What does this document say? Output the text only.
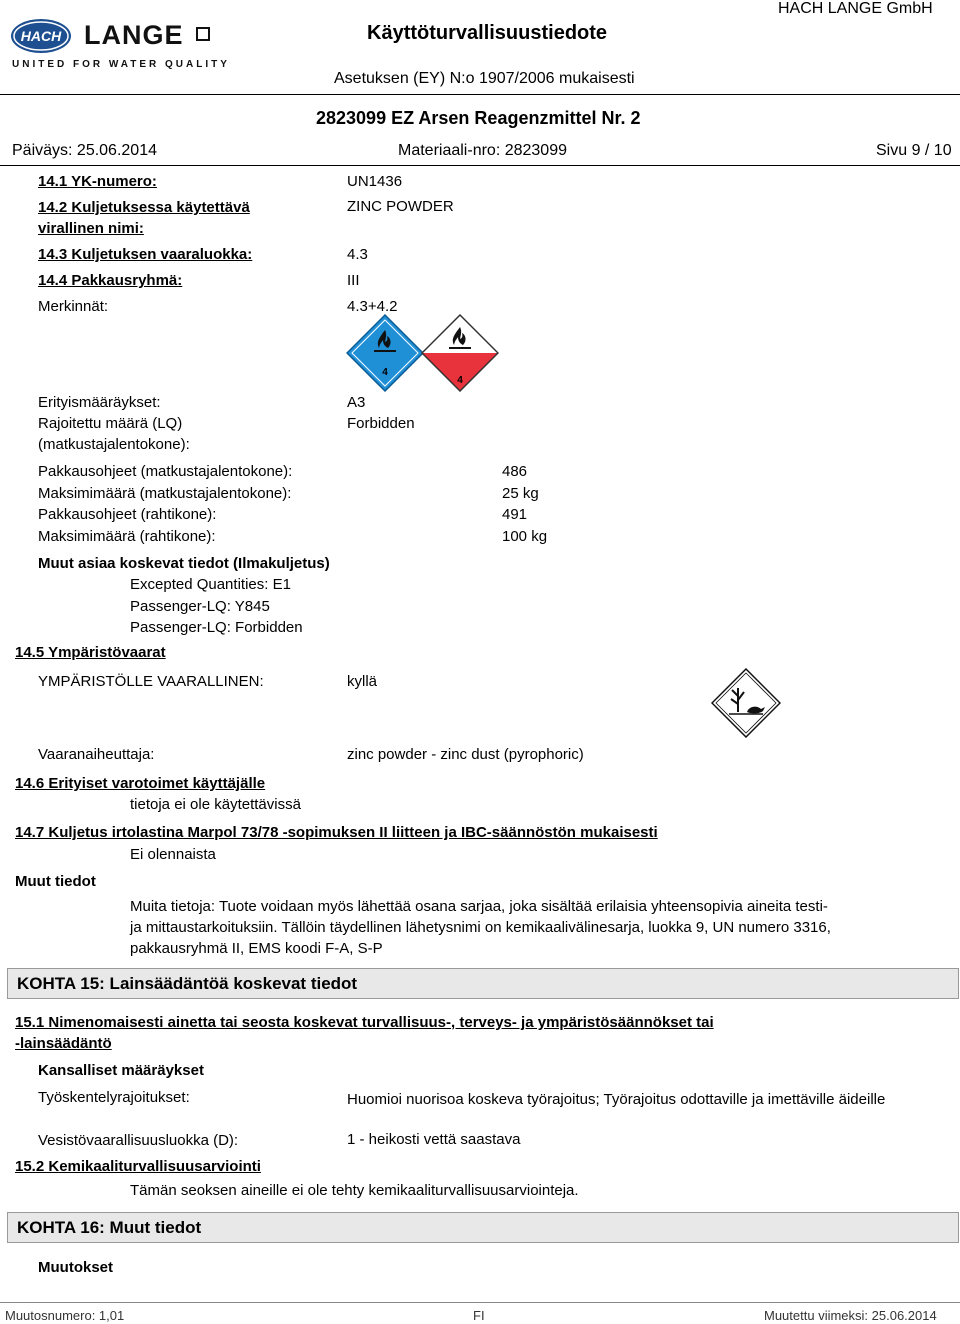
HACH LANGE
UNITED FOR WATER QUALITY
Käyttöturvallisuustiedote
HACH LANGE GmbH
Asetuksen (EY) N:o 1907/2006 mukaisesti
2823099 EZ Arsen Reagenzmittel Nr. 2
Päiväys: 25.06.2014	Materiaali-nro: 2823099	Sivu 9 / 10
14.1 YK-numero:	UN1436
14.2 Kuljetuksessa käytettävä
virallinen nimi:
ZINC POWDER
14.3 Kuljetuksen vaaraluokka:	4.3
14.4 Pakkausryhmä:	III
Merkinnät:	4.3+4.2
4
4
Erityismääräykset:	A3
Rajoitettu määrä (LQ)
(matkustajalentokone):
Forbidden
Pakkausohjeet (matkustajalentokone):	486
Maksimimäärä (matkustajalentokone):	25 kg
Pakkausohjeet (rahtikone):	491
Maksimimäärä (rahtikone):	100 kg
Muut asiaa koskevat tiedot (Ilmakuljetus)
Excepted Quantities: E1
Passenger-LQ: Y845
Passenger-LQ: Forbidden
14.5 Ympäristövaarat
YMPÄRISTÖLLE VAARALLINEN:	kyllä
Vaaranaiheuttaja:	zinc powder - zinc dust (pyrophoric)
14.6 Erityiset varotoimet käyttäjälle
tietoja ei ole käytettävissä
14.7 Kuljetus irtolastina Marpol 73/78 -sopimuksen II liitteen ja IBC-säännöstön mukaisesti
Ei olennaista
Muut tiedot
Muita tietoja: Tuote voidaan myös lähettää osana sarjaa, joka sisältää erilaisia yhteensopivia aineita testi- ja mittaustarkoituksiin. Tällöin täydellinen lähetysnimi on kemikaalivälinesarja, luokka 9, UN numero 3316, pakkausryhmä II, EMS koodi F-A, S-P
KOHTA 15: Lainsäädäntöä koskevat tiedot
15.1 Nimenomaisesti ainetta tai seosta koskevat turvallisuus-, terveys- ja ympäristösäännökset tai
-lainsäädäntö
Kansalliset määräykset
Työskentelyrajoitukset:	Huomioi nuorisoa koskeva työrajoitus; Työrajoitus odottaville ja imettäville äideille
Vesistövaarallisuusluokka (D):	1 - heikosti vettä saastava
15.2 Kemikaaliturvallisuusarviointi
Tämän seoksen aineille ei ole tehty kemikaaliturvallisuusarviointeja.
KOHTA 16: Muut tiedot
Muutokset
Muutosnumero: 1,01	FI	Muutettu viimeksi: 25.06.2014
